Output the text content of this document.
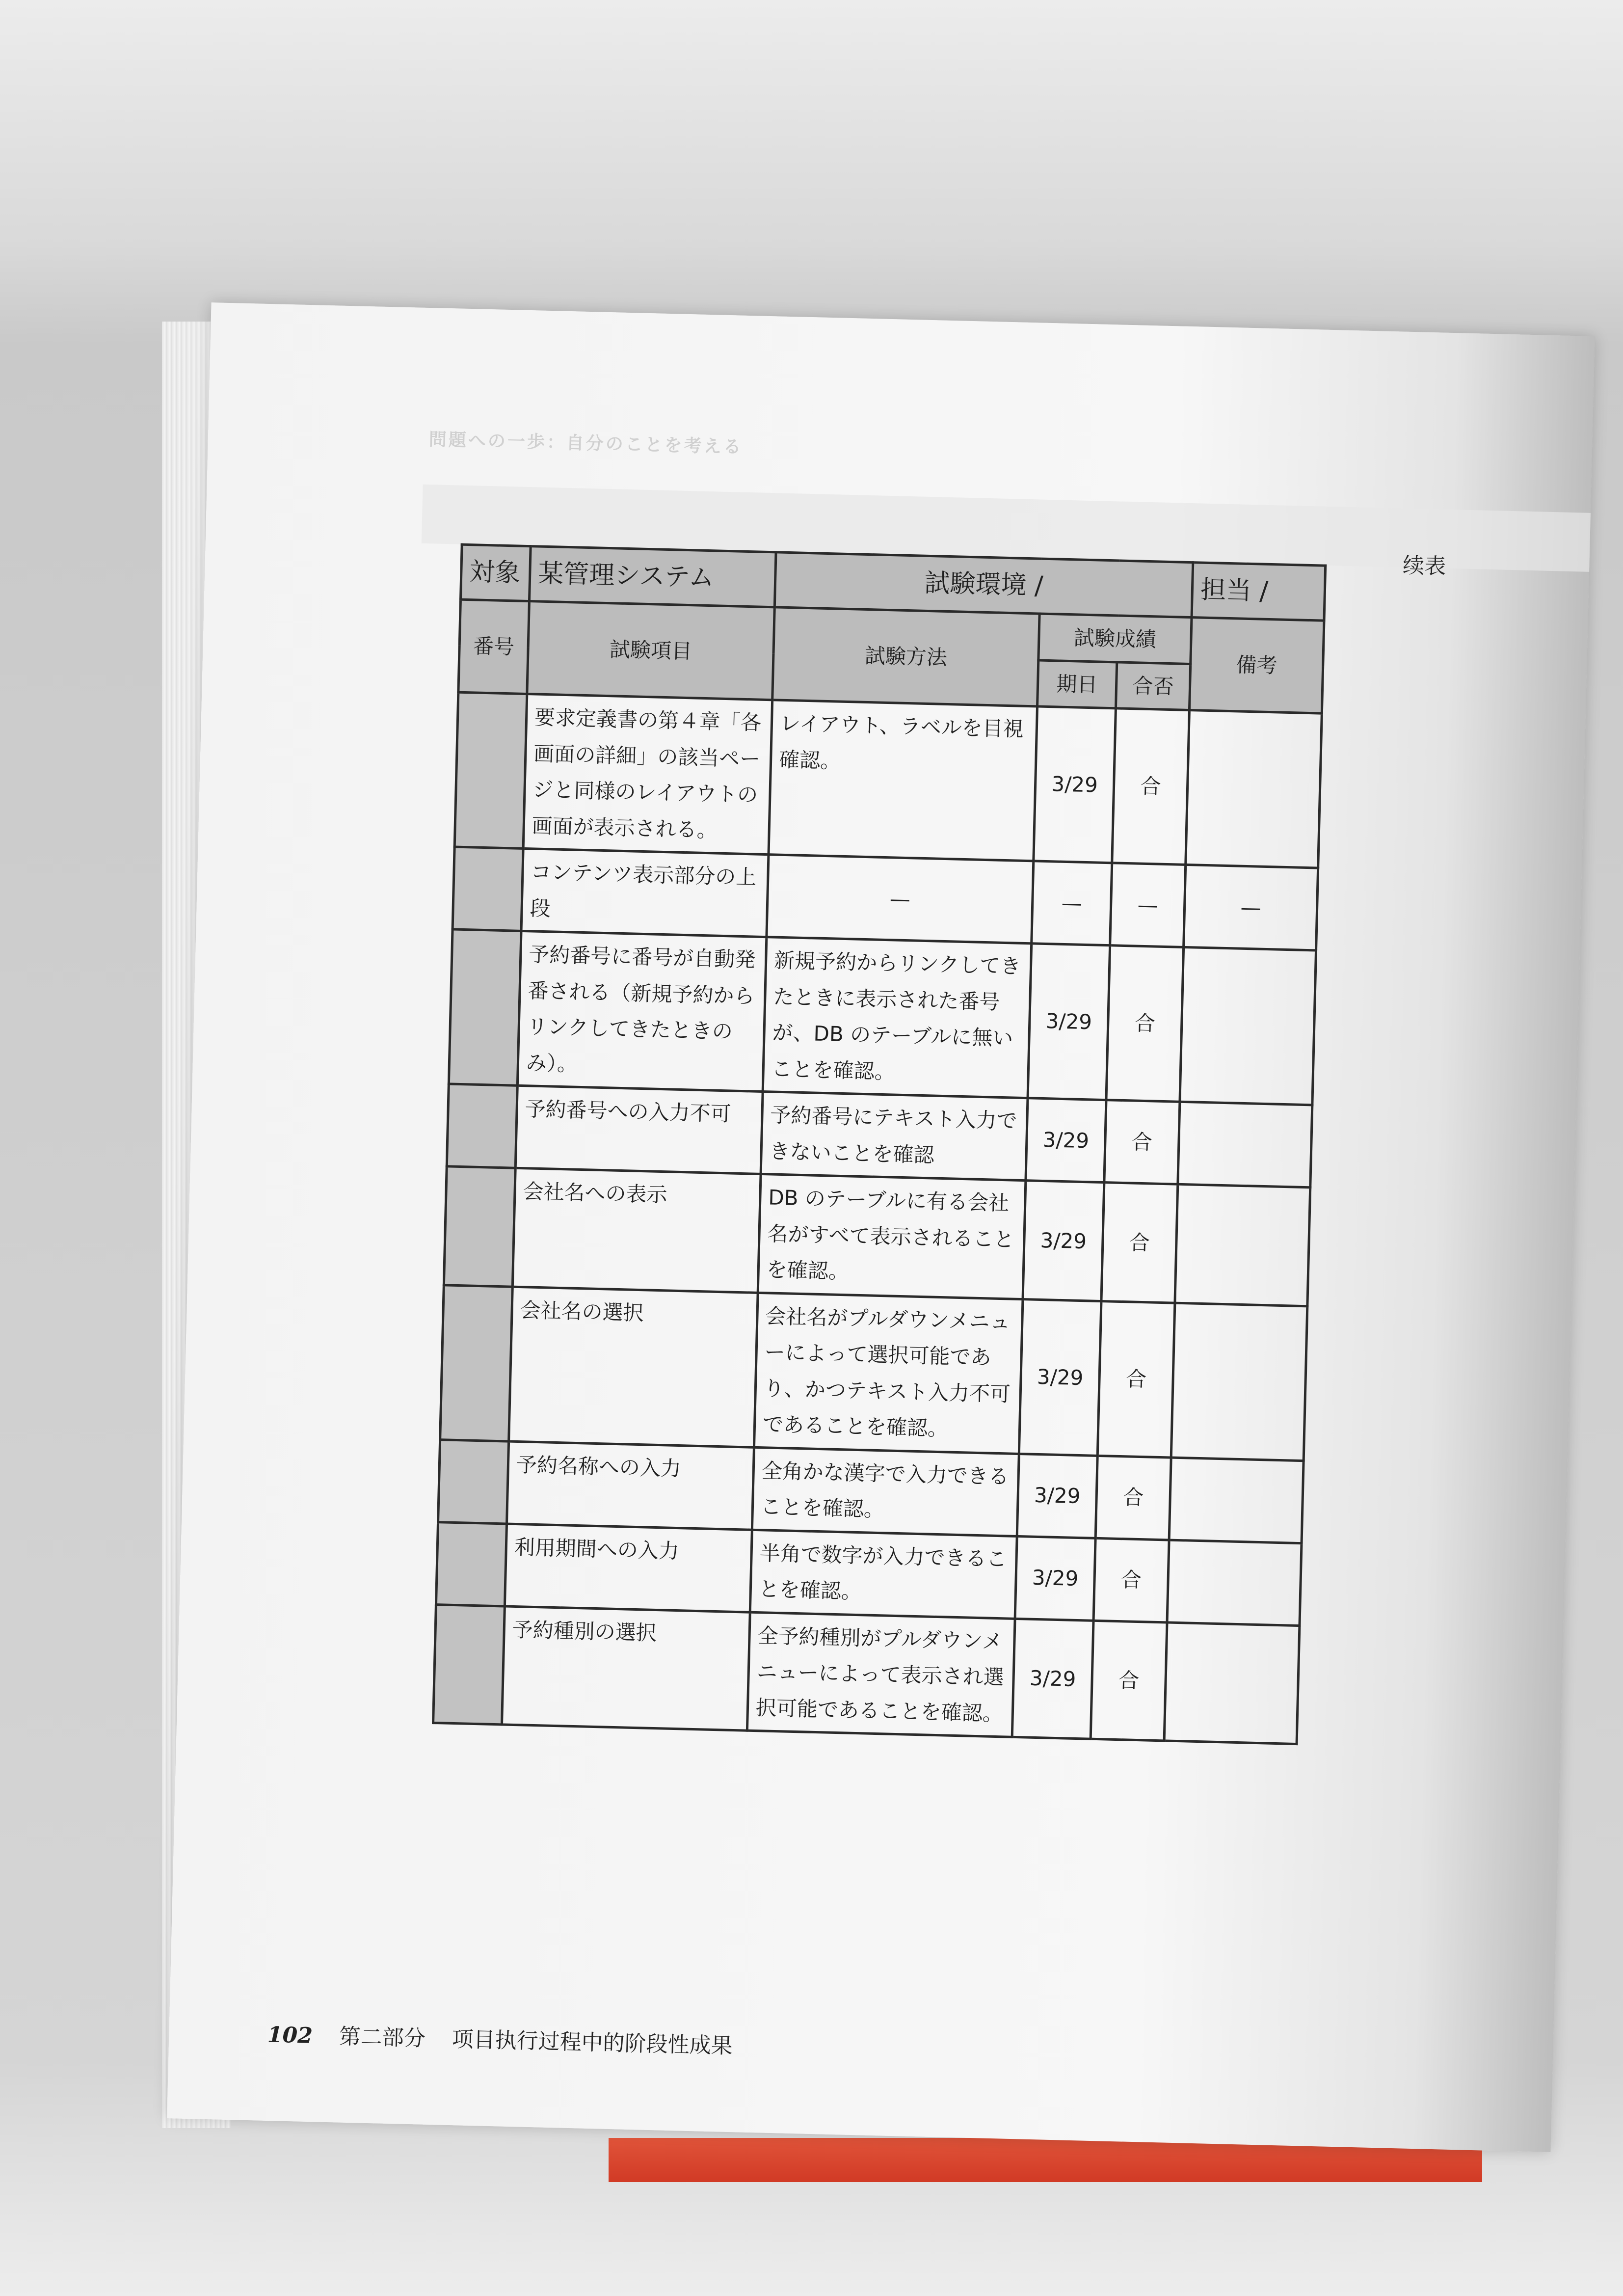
問題への一歩：自分のことを考える
续表
対象	某管理システム	試験環境 /			担当 /
番号	試験項目	試験方法	試験成績		備考
			期日	合否	
	要求定義書の第４章「各画面の詳細」の該当ページと同様のレイアウトの画面が表示される。	レイアウト、ラベルを目視確認。	3/29	合	
	コンテンツ表示部分の上段	—	—	—	—
	予約番号に番号が自動発番される（新規予約からリンクしてきたときのみ）。	新規予約からリンクしてきたときに表示された番号が、DB のテーブルに無いことを確認。	3/29	合	
	予約番号への入力不可	予約番号にテキスト入力できないことを確認	3/29	合	
	会社名への表示	DB のテーブルに有る会社名がすべて表示されることを確認。	3/29	合	
	会社名の選択	会社名がプルダウンメニューによって選択可能であり、かつテキスト入力不可であることを確認。	3/29	合	
	予約名称への入力	全角かな漢字で入力できることを確認。	3/29	合	
	利用期間への入力	半角で数字が入力できることを確認。	3/29	合	
	予約種別の選択	全予約種別がプルダウンメニューによって表示され選択可能であることを確認。	3/29	合	
102 第二部分 项目执行过程中的阶段性成果
